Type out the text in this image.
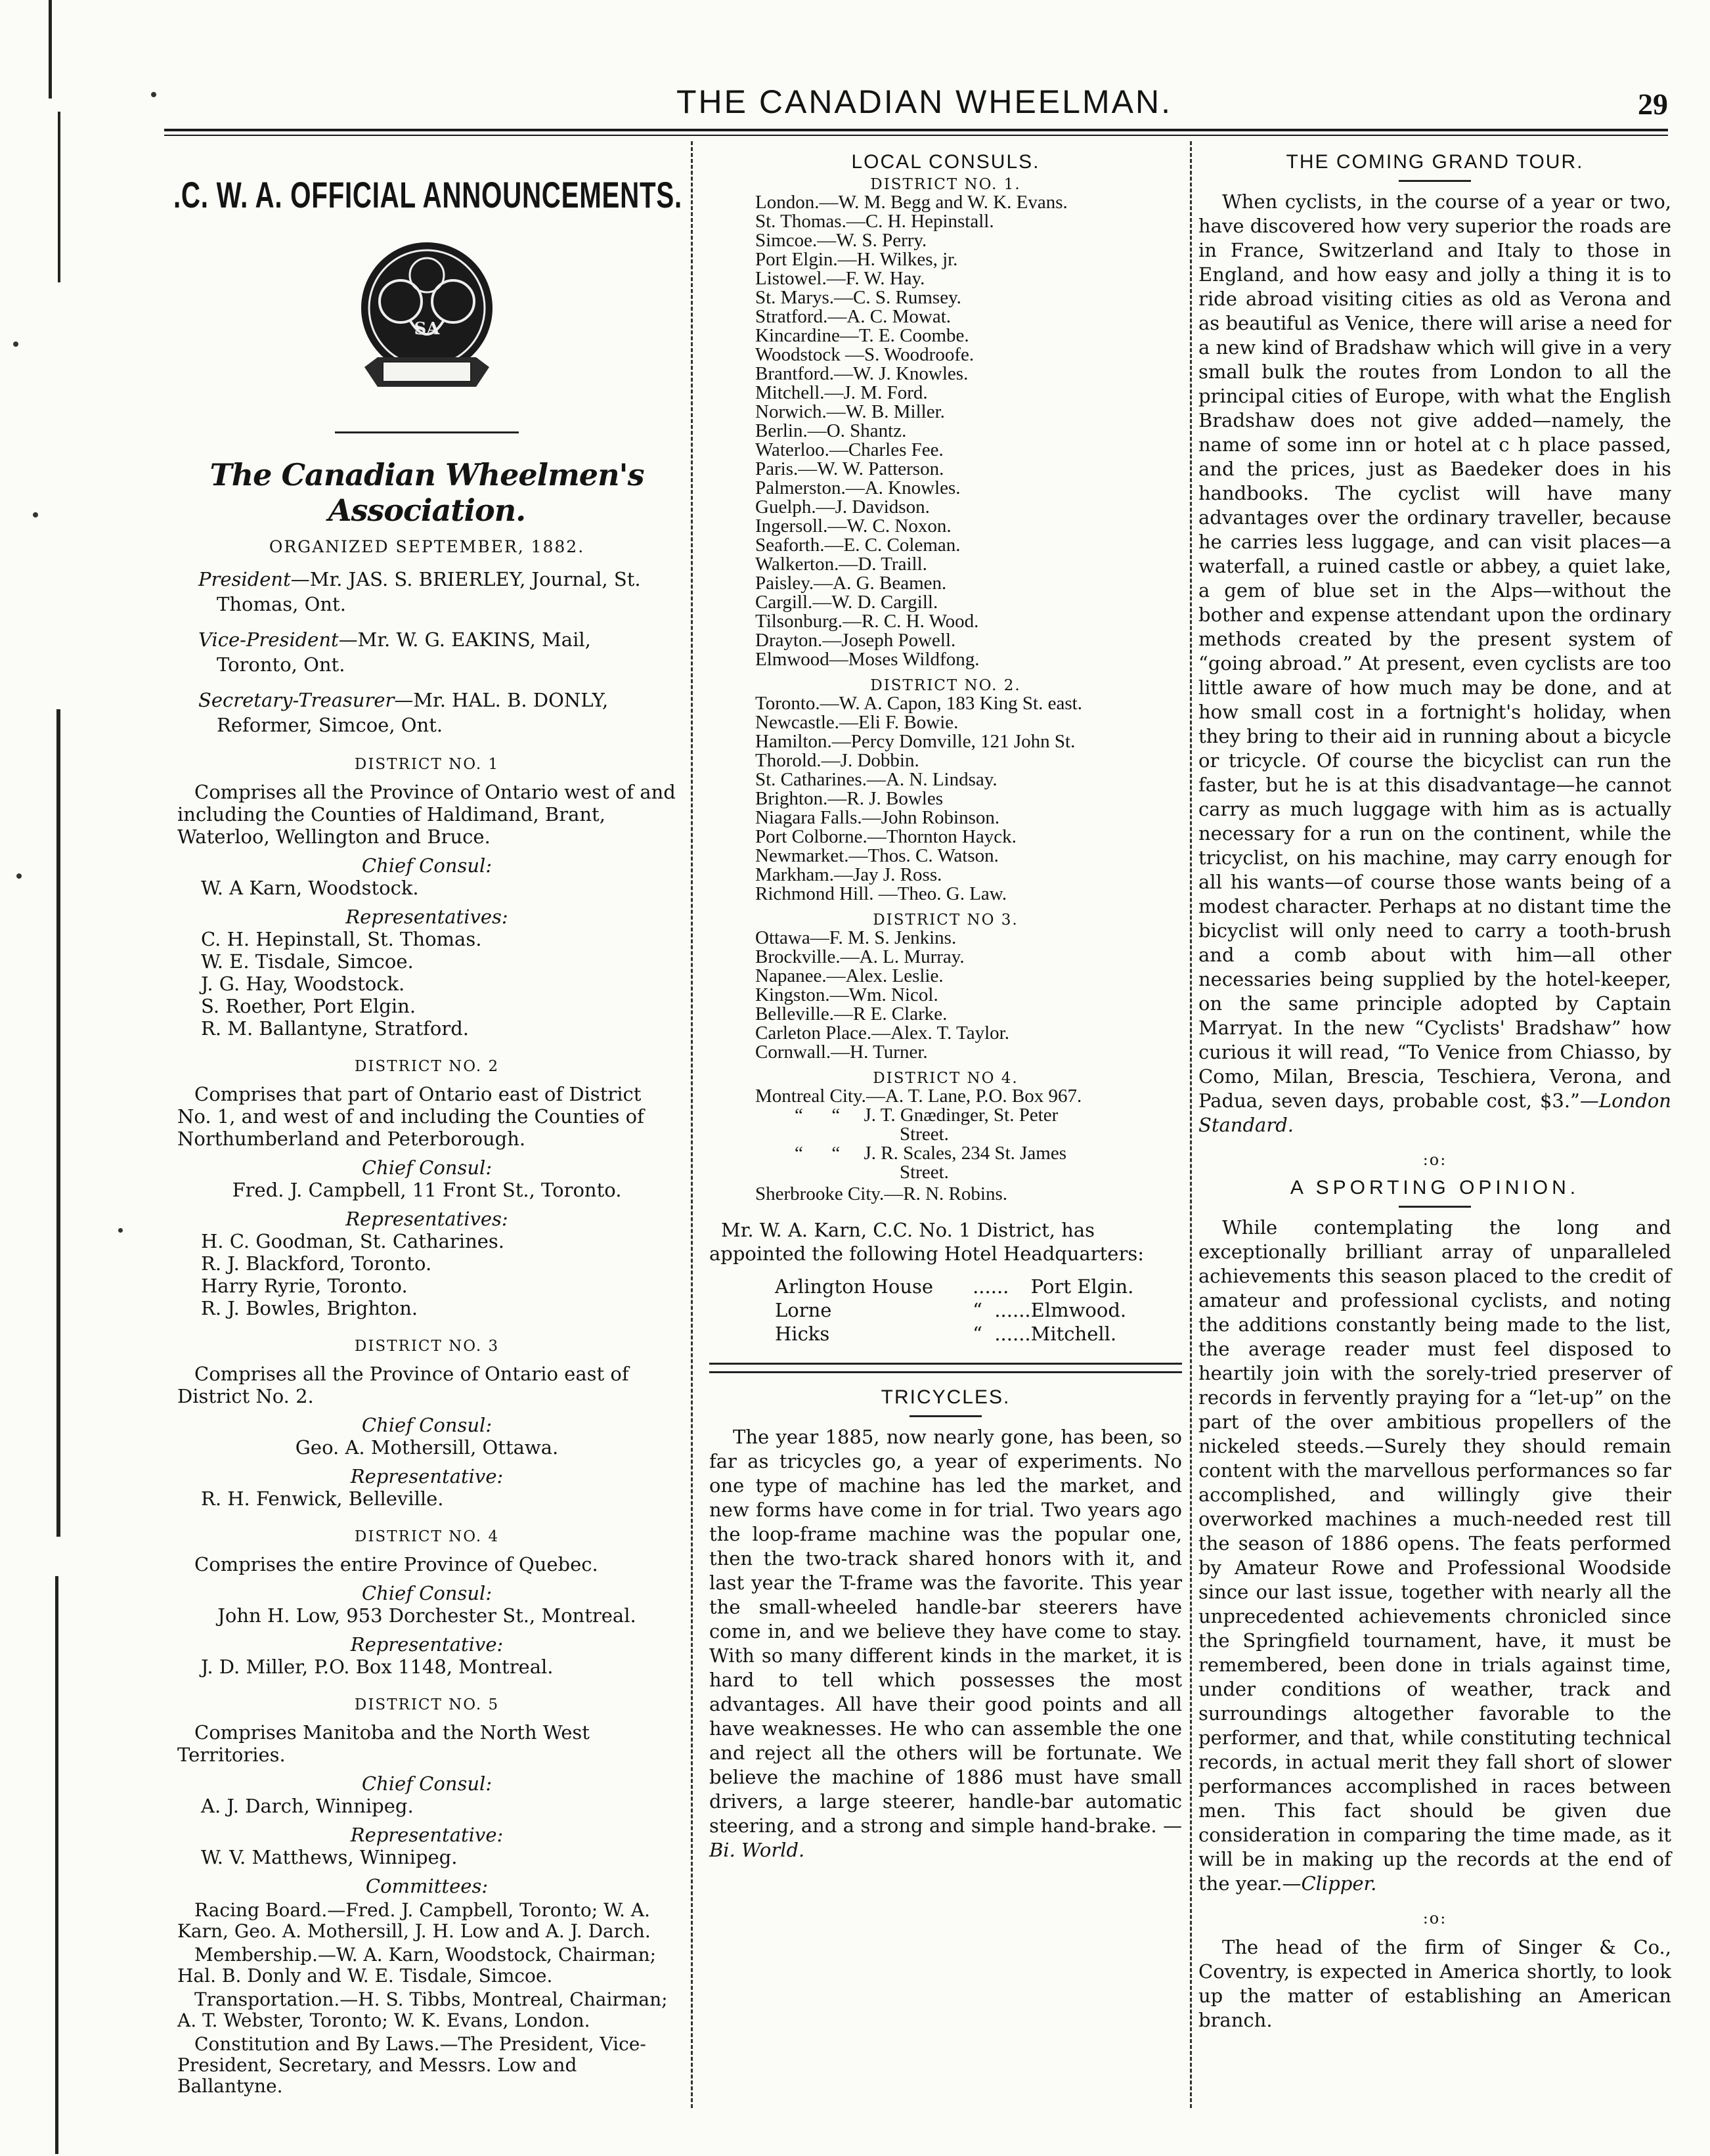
THE CANADIAN WHEELMAN.	29
.C. W. A. OFFICIAL ANNOUNCEMENTS.
SA
The Canadian Wheelmen's Association.
ORGANIZED SEPTEMBER, 1882.

President—Mr. JAS. S. BRIERLEY, Journal, St. Thomas, Ont.

Vice-President—Mr. W. G. EAKINS, Mail, Toronto, Ont.

Secretary-Treasurer—Mr. HAL. B. DONLY, Reformer, Simcoe, Ont.

DISTRICT NO. 1

Comprises all the Province of Ontario west of and including the Counties of Haldimand, Brant, Waterloo, Wellington and Bruce.

Chief Consul:
W. A Karn, Woodstock.
Representatives:
C. H. Hepinstall, St. Thomas.
W. E. Tisdale, Simcoe.
J. G. Hay, Woodstock.
S. Roether, Port Elgin.
R. M. Ballantyne, Stratford.
DISTRICT NO. 2

Comprises that part of Ontario east of District No. 1, and west of and including the Counties of Northumberland and Peterborough.

Chief Consul:
Fred. J. Campbell, 11 Front St., Toronto.
Representatives:
H. C. Goodman, St. Catharines.
R. J. Blackford, Toronto.
Harry Ryrie, Toronto.
R. J. Bowles, Brighton.
DISTRICT NO. 3

Comprises all the Province of Ontario east of District No. 2.

Chief Consul:
Geo. A. Mothersill, Ottawa.
Representative:
R. H. Fenwick, Belleville.
DISTRICT NO. 4

Comprises the entire Province of Quebec.

Chief Consul:
John H. Low, 953 Dorchester St., Montreal.
Representative:
J. D. Miller, P.O. Box 1148, Montreal.
DISTRICT NO. 5

Comprises Manitoba and the North West Territories.

Chief Consul:
A. J. Darch, Winnipeg.
Representative:
W. V. Matthews, Winnipeg.
Committees:

Racing Board.—Fred. J. Campbell, Toronto; W. A. Karn, Geo. A. Mothersill, J. H. Low and A. J. Darch.

Membership.—W. A. Karn, Woodstock, Chairman; Hal. B. Donly and W. E. Tisdale, Simcoe.

Transportation.—H. S. Tibbs, Montreal, Chairman; A. T. Webster, Toronto; W. K. Evans, London.

Constitution and By Laws.—The President, Vice-President, Secretary, and Messrs. Low and Ballantyne.

LOCAL CONSULS.
DISTRICT NO. 1.
London.—W. M. Begg and W. K. Evans.
St. Thomas.—C. H. Hepinstall.
Simcoe.—W. S. Perry.
Port Elgin.—H. Wilkes, jr.
Listowel.—F. W. Hay.
St. Marys.—C. S. Rumsey.
Stratford.—A. C. Mowat.
Kincardine—T. E. Coombe.
Woodstock —S. Woodroofe.
Brantford.—W. J. Knowles.
Mitchell.—J. M. Ford.
Norwich.—W. B. Miller.
Berlin.—O. Shantz.
Waterloo.—Charles Fee.
Paris.—W. W. Patterson.
Palmerston.—A. Knowles.
Guelph.—J. Davidson.
Ingersoll.—W. C. Noxon.
Seaforth.—E. C. Coleman.
Walkerton.—D. Traill.
Paisley.—A. G. Beamen.
Cargill.—W. D. Cargill.
Tilsonburg.—R. C. H. Wood.
Drayton.—Joseph Powell.
Elmwood—Moses Wildfong.
DISTRICT NO. 2.
Toronto.—W. A. Capon, 183 King St. east.
Newcastle.—Eli F. Bowie.
Hamilton.—Percy Domville, 121 John St.
Thorold.—J. Dobbin.
St. Catharines.—A. N. Lindsay.
Brighton.—R. J. Bowles
Niagara Falls.—John Robinson.
Port Colborne.—Thornton Hayck.
Newmarket.—Thos. C. Watson.
Markham.—Jay J. Ross.
Richmond Hill. —Theo. G. Law.
DISTRICT NO 3.
Ottawa—F. M. S. Jenkins.
Brockville.—A. L. Murray.
Napanee.—Alex. Leslie.
Kingston.—Wm. Nicol.
Belleville.—R E. Clarke.
Carleton Place.—Alex. T. Taylor.
Cornwall.—H. Turner.
DISTRICT NO 4.
Montreal City.—A. T. Lane, P.O. Box 967.
“      “     J. T. Gnædinger, St. Peter
Street.
“      “     J. R. Scales, 234 St. James
Street.
Sherbrooke City.—R. N. Robins.

Mr. W. A. Karn, C.C. No. 1 District, has appointed the following Hotel Headquarters:

Arlington House	......	Port Elgin.
Lorne	“  ......	Elmwood.
Hicks	“  ......	Mitchell.
TRICYCLES.

The year 1885, now nearly gone, has been, so far as tricycles go, a year of experiments. No one type of machine has led the market, and new forms have come in for trial. Two years ago the loop-frame machine was the popular one, then the two-track shared honors with it, and last year the T-frame was the favorite. This year the small-wheeled handle-bar steerers have come in, and we believe they have come to stay. With so many different kinds in the market, it is hard to tell which possesses the most advantages. All have their good points and all have weaknesses. He who can assemble the one and reject all the others will be fortunate. We believe the machine of 1886 must have small drivers, a large steerer, handle-bar automatic steering, and a strong and simple hand-brake. —Bi. World.

THE COMING GRAND TOUR.

When cyclists, in the course of a year or two, have discovered how very superior the roads are in France, Switzerland and Italy to those in England, and how easy and jolly a thing it is to ride abroad visiting cities as old as Verona and as beautiful as Venice, there will arise a need for a new kind of Bradshaw which will give in a very small bulk the routes from London to all the principal cities of Europe, with what the English Bradshaw does not give added—namely, the name of some inn or hotel at c h place passed, and the prices, just as Baedeker does in his handbooks. The cyclist will have many advantages over the ordinary traveller, because he carries less luggage, and can visit places—a waterfall, a ruined castle or abbey, a quiet lake, a gem of blue set in the Alps—without the bother and expense attendant upon the ordinary methods created by the present system of “going abroad.” At present, even cyclists are too little aware of how much may be done, and at how small cost in a fortnight's holiday, when they bring to their aid in running about a bicycle or tricycle. Of course the bicyclist can run the faster, but he is at this disadvantage—he cannot carry as much luggage with him as is actually necessary for a run on the continent, while the tricyclist, on his machine, may carry enough for all his wants—of course those wants being of a modest character. Perhaps at no distant time the bicyclist will only need to carry a tooth-brush and a comb about with him—all other necessaries being supplied by the hotel-keeper, on the same principle adopted by Captain Marryat. In the new “Cyclists' Bradshaw” how curious it will read, “To Venice from Chiasso, by Como, Milan, Brescia, Teschiera, Verona, and Padua, seven days, probable cost, $3.”—London Standard.

:o:
A SPORTING OPINION.

While contemplating the long and exceptionally brilliant array of unparalleled achievements this season placed to the credit of amateur and professional cyclists, and noting the additions constantly being made to the list, the average reader must feel disposed to heartily join with the sorely-tried preserver of records in fervently praying for a “let-up” on the part of the over ambitious propellers of the nickeled steeds.—Surely they should remain content with the marvellous performances so far accomplished, and willingly give their overworked machines a much-needed rest till the season of 1886 opens. The feats performed by Amateur Rowe and Professional Woodside since our last issue, together with nearly all the unprecedented achievements chronicled since the Springfield tournament, have, it must be remembered, been done in trials against time, under conditions of weather, track and surroundings altogether favorable to the performer, and that, while constituting technical records, in actual merit they fall short of slower performances accomplished in races between men. This fact should be given due consideration in comparing the time made, as it will be in making up the records at the end of the year.—Clipper.

:o:

The head of the firm of Singer & Co., Coventry, is expected in America shortly, to look up the matter of establishing an American branch.
